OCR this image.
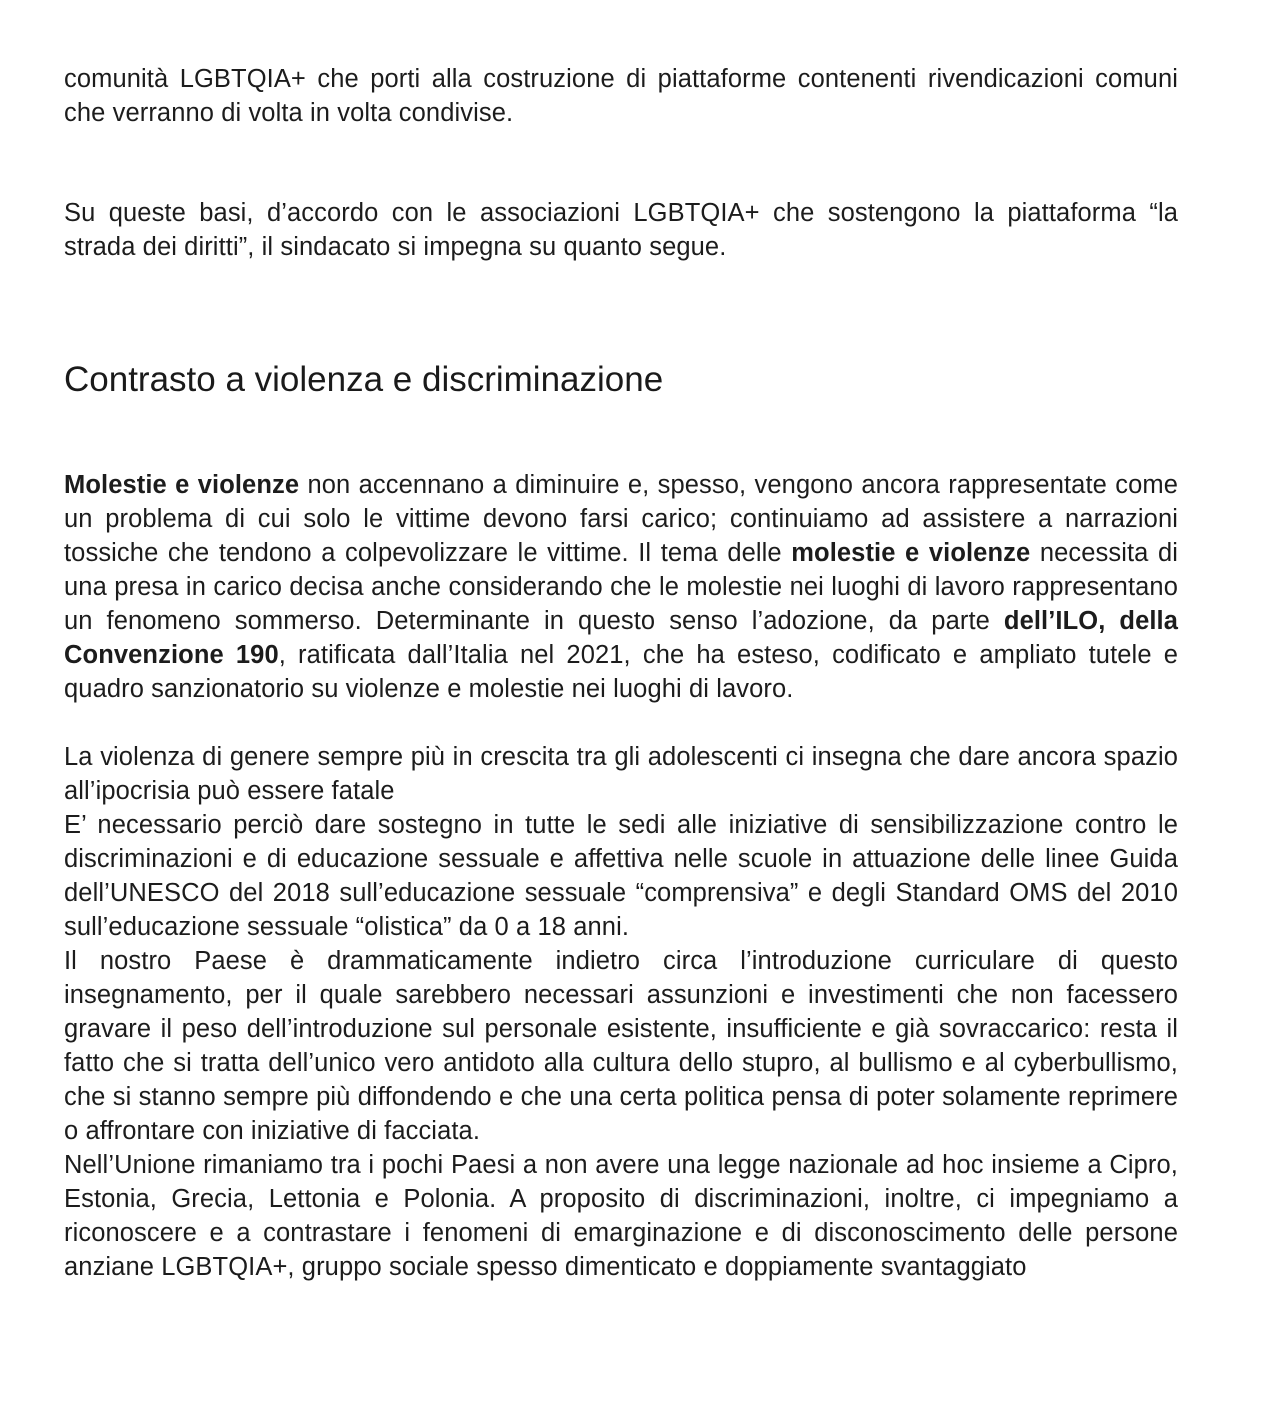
comunità LGBTQIA+ che porti alla costruzione di piattaforme contenenti rivendicazioni comuni che verranno di volta in volta condivise.

Su queste basi, d’accordo con le associazioni LGBTQIA+ che sostengono la piattaforma “la strada dei diritti”, il sindacato si impegna su quanto segue.

Contrasto a violenza e discriminazione

Molestie e violenze non accennano a diminuire e, spesso, vengono ancora rappresentate come un problema di cui solo le vittime devono farsi carico; continuiamo ad assistere a narrazioni tossiche che tendono a colpevolizzare le vittime. Il tema delle molestie e violenze necessita di una presa in carico decisa anche considerando che le molestie nei luoghi di lavoro rappresentano un fenomeno sommerso. Determinante in questo senso l’adozione, da parte dell’ILO, della Convenzione 190, ratificata dall’Italia nel 2021, che ha esteso, codificato e ampliato tutele e quadro sanzionatorio su violenze e molestie nei luoghi di lavoro.

La violenza di genere sempre più in crescita tra gli adolescenti ci insegna che dare ancora spazio all’ipocrisia può essere fatale

E’ necessario perciò dare sostegno in tutte le sedi alle iniziative di sensibilizzazione contro le discriminazioni e di educazione sessuale e affettiva nelle scuole in attuazione delle linee Guida dell’UNESCO del 2018 sull’educazione sessuale “comprensiva” e degli Standard OMS del 2010 sull’educazione sessuale “olistica” da 0 a 18 anni.

Il nostro Paese è drammaticamente indietro circa l’introduzione curriculare di questo insegnamento, per il quale sarebbero necessari assunzioni e investimenti che non facessero gravare il peso dell’introduzione sul personale esistente, insufficiente e già sovraccarico: resta il fatto che si tratta dell’unico vero antidoto alla cultura dello stupro, al bullismo e al cyberbullismo, che si stanno sempre più diffondendo e che una certa politica pensa di poter solamente reprimere o affrontare con iniziative di facciata.

Nell’Unione rimaniamo tra i pochi Paesi a non avere una legge nazionale ad hoc insieme a Cipro, Estonia, Grecia, Lettonia e Polonia. A proposito di discriminazioni, inoltre, ci impegniamo a riconoscere e a contrastare i fenomeni di emarginazione e di disconoscimento delle persone anziane LGBTQIA+, gruppo sociale spesso dimenticato e doppiamente svantaggiato
